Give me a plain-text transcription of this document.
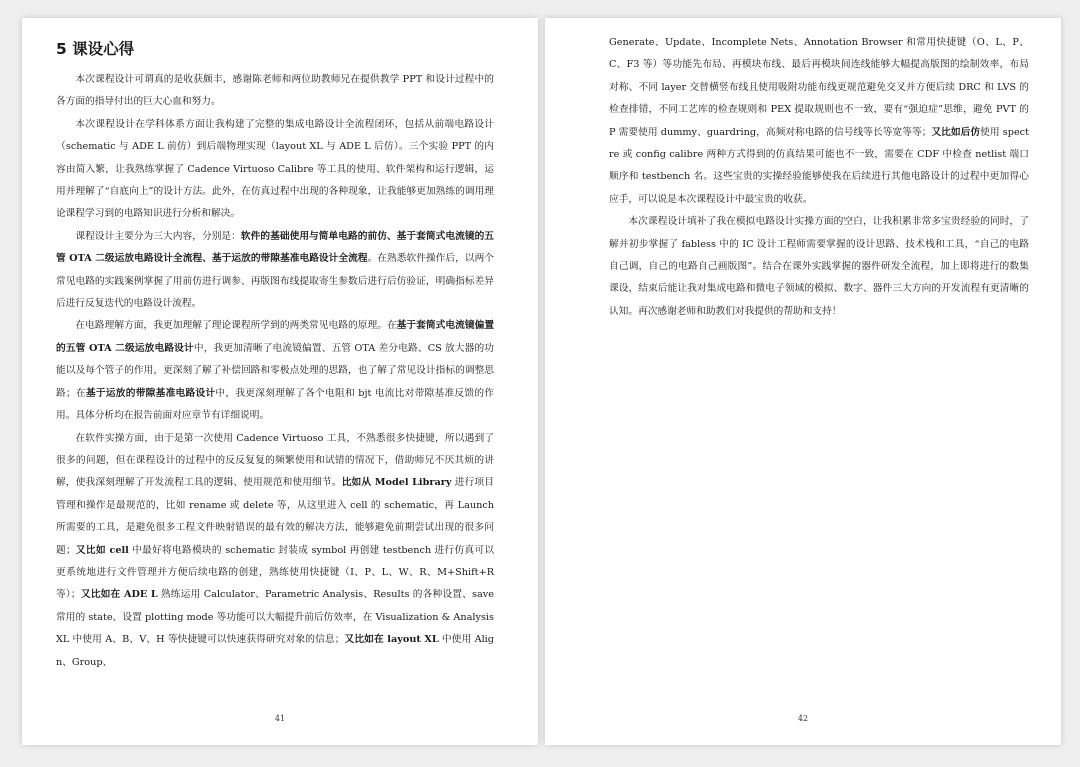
5 课设心得

本次课程设计可谓真的是收获颇丰，感谢陈老师和两位助教师兄在提供教学 PPT 和设计过程中的各方面的指导付出的巨大心血和努力。

本次课程设计在学科体系方面让我构建了完整的集成电路设计全流程闭环，包括从前端电路设计（schematic 与 ADE L 前仿）到后端物理实现（layout XL 与 ADE L 后仿）。三个实验 PPT 的内容由简入繁，让我熟练掌握了 Cadence Virtuoso Calibre 等工具的使用、软件架构和运行逻辑，运用并理解了“自底向上”的设计方法。此外，在仿真过程中出现的各种现象，让我能够更加熟练的调用理论课程学习到的电路知识进行分析和解决。

课程设计主要分为三大内容，分别是：软件的基础使用与简单电路的前仿、基于套筒式电流镜的五管 OTA 二级运放电路设计全流程、基于运放的带隙基准电路设计全流程。在熟悉软件操作后，以两个常见电路的实践案例掌握了用前仿进行调参、再版图布线提取寄生参数后进行后仿验证，明确指标差异后进行反复迭代的电路设计流程。

在电路理解方面，我更加理解了理论课程所学到的两类常见电路的原理。在基于套筒式电流镜偏置的五管 OTA 二级运放电路设计中，我更加清晰了电流镜偏置、五管 OTA 差分电路、CS 放大器的功能以及每个管子的作用，更深刻了解了补偿回路和零极点处理的思路，也了解了常见设计指标的调整思路；在基于运放的带隙基准电路设计中，我更深刻理解了各个电阻和 bjt 电流比对带隙基准反馈的作用。具体分析均在报告前面对应章节有详细说明。

在软件实操方面，由于是第一次使用 Cadence Virtuoso 工具，不熟悉很多快捷键，所以遇到了很多的问题，但在课程设计的过程中的反反复复的频繁使用和试错的情况下，借助师兄不厌其烦的讲解，使我深刻理解了开发流程工具的逻辑、使用规范和使用细节。比如从 Model Library 进行项目管理和操作是最规范的，比如 rename 或 delete 等，从这里进入 cell 的 schematic，再 Launch 所需要的工具，是避免很多工程文件映射错误的最有效的解决方法，能够避免前期尝试出现的很多问题；又比如 cell 中最好将电路模块的 schematic 封装成 symbol 再创建 testbench 进行仿真可以更系统地进行文件管理并方便后续电路的创建，熟练使用快捷键（I、P、L、W、R、M+Shift+R 等）；又比如在 ADE L 熟练运用 Calculator、Parametric Analysis、Results 的各种设置、save 常用的 state、设置 plotting mode 等功能可以大幅提升前后仿效率，在 Visualization & Analysis XL 中使用 A、B、V、H 等快捷键可以快速获得研究对象的信息；又比如在 layout XL 中使用 Align、Group、

41

Generate、Update、Incomplete Nets、Annotation Browser 和常用快捷键（O、L、P、C、F3 等）等功能先布局、再模块布线、最后再模块间连线能够大幅提高版图的绘制效率，布局对称、不同 layer 交替横竖布线且使用吸附功能布线更规范避免交叉并方便后续 DRC 和 LVS 的检查排错，不同工艺库的检查规则和 PEX 提取规则也不一致，要有“强迫症”思维，避免 PVT 的 P 需要使用 dummy、guardring，高频对称电路的信号线等长等宽等等；又比如后仿使用 spectre 或 config calibre 两种方式得到的仿真结果可能也不一致，需要在 CDF 中检查 netlist 端口顺序和 testbench 名。这些宝贵的实操经验能够使我在后续进行其他电路设计的过程中更加得心应手，可以说是本次课程设计中最宝贵的收获。

本次课程设计填补了我在模拟电路设计实操方面的空白，让我积累非常多宝贵经验的同时，了解并初步掌握了 fabless 中的 IC 设计工程师需要掌握的设计思路、技术栈和工具，“自己的电路自己调，自己的电路自己画版图”。结合在课外实践掌握的器件研发全流程，加上即将进行的数集课设，结束后能让我对集成电路和微电子领域的模拟、数字、器件三大方向的开发流程有更清晰的认知。再次感谢老师和助教们对我提供的帮助和支持！

42
